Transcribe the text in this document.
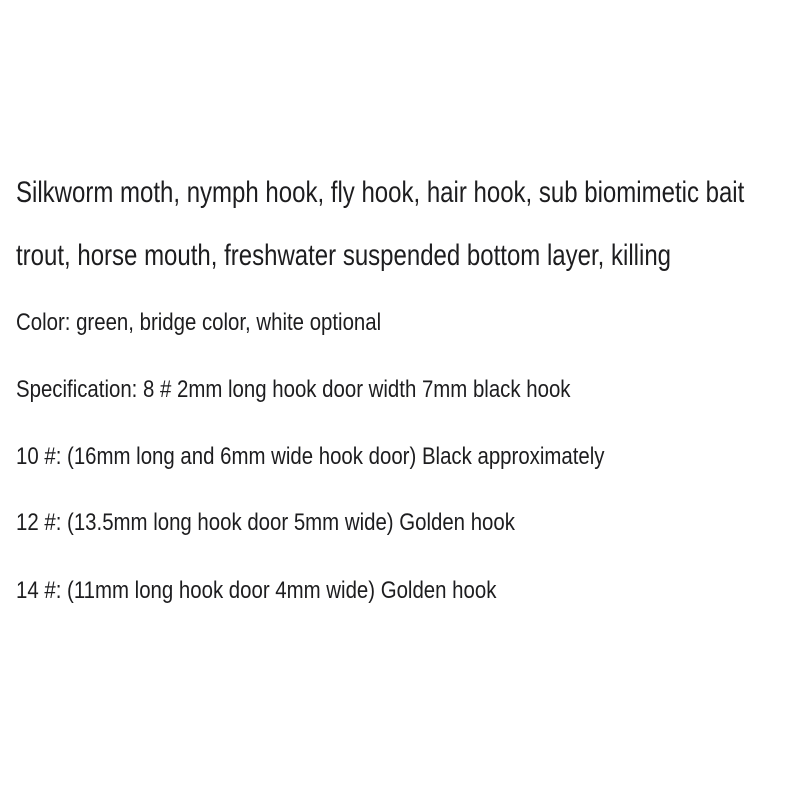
Silkworm moth, nymph hook, fly hook, hair hook, sub biomimetic bait

trout, horse mouth, freshwater suspended bottom layer, killing

Color: green, bridge color, white optional

Specification: 8 # 2mm long hook door width 7mm black hook

10 #: (16mm long and 6mm wide hook door) Black approximately

12 #: (13.5mm long hook door 5mm wide) Golden hook

14 #: (11mm long hook door 4mm wide) Golden hook
